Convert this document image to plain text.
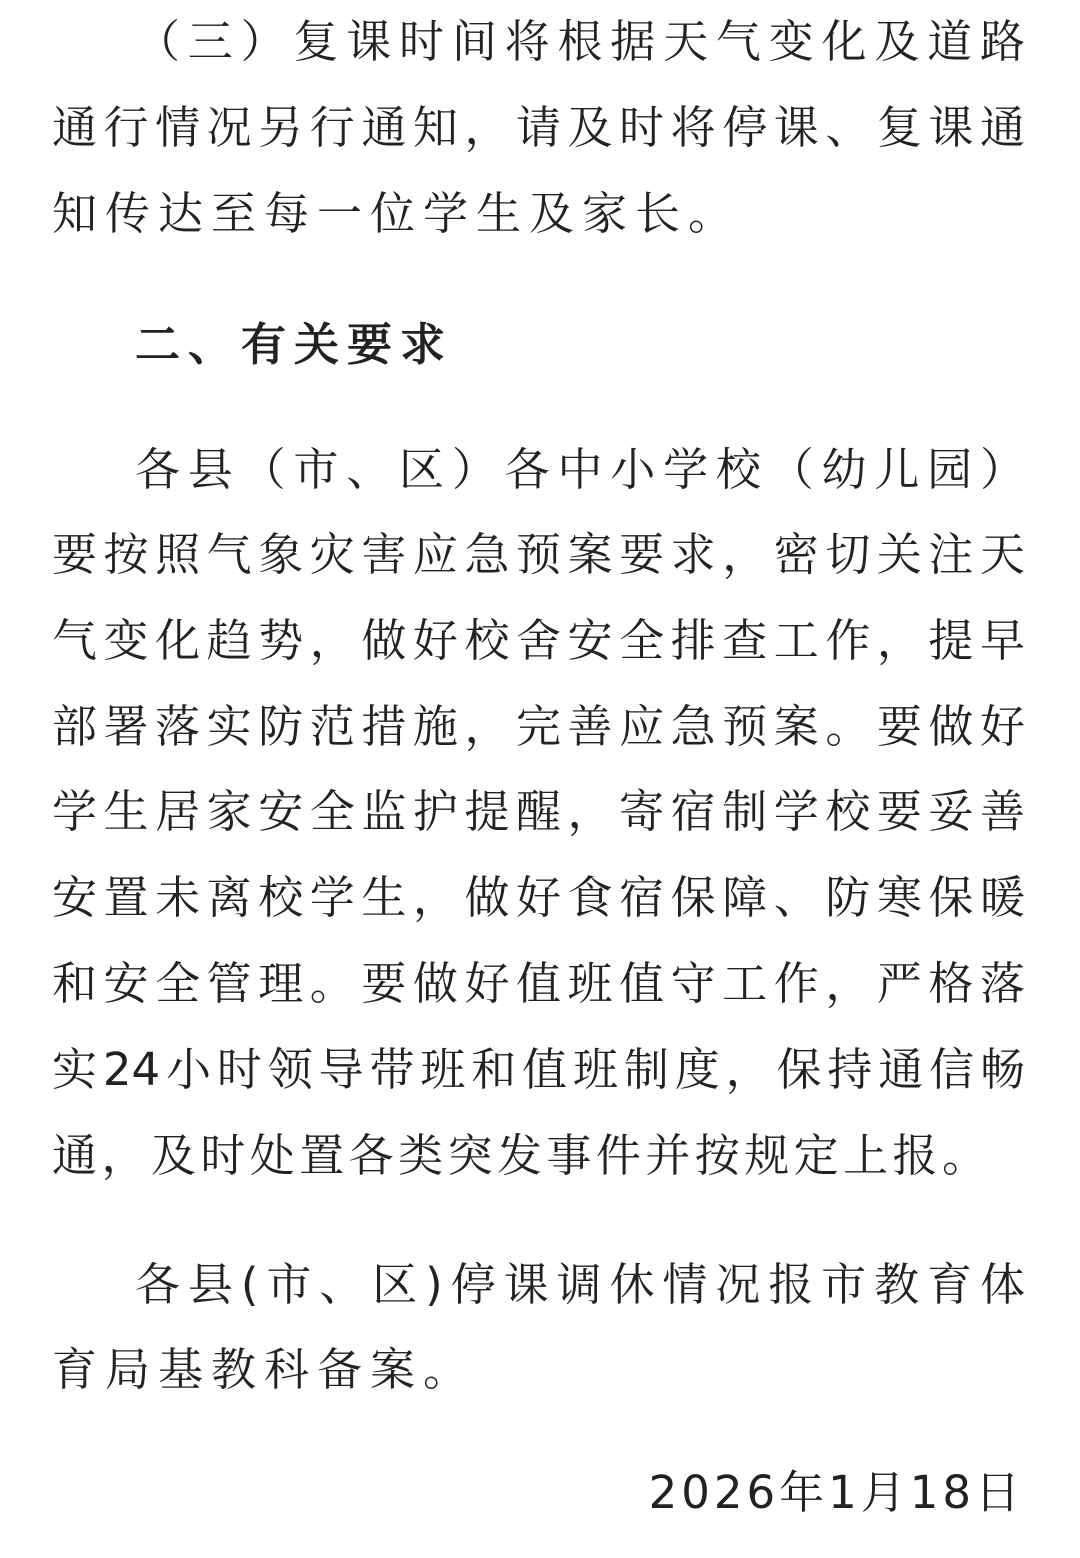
（三）复课时间将根据天气变化及道路
通行情况另行通知，请及时将停课、复课通
知传达至每一位学生及家长。
二、有关要求
各县（市、区）各中小学校（幼儿园）
要按照气象灾害应急预案要求，密切关注天
气变化趋势，做好校舍安全排查工作，提早
部署落实防范措施，完善应急预案。要做好
学生居家安全监护提醒，寄宿制学校要妥善
安置未离校学生，做好食宿保障、防寒保暖
和安全管理。要做好值班值守工作，严格落
实24小时领导带班和值班制度，保持通信畅
通，及时处置各类突发事件并按规定上报。
各县(市、区)停课调休情况报市教育体
育局基教科备案。
2026年1月18日
